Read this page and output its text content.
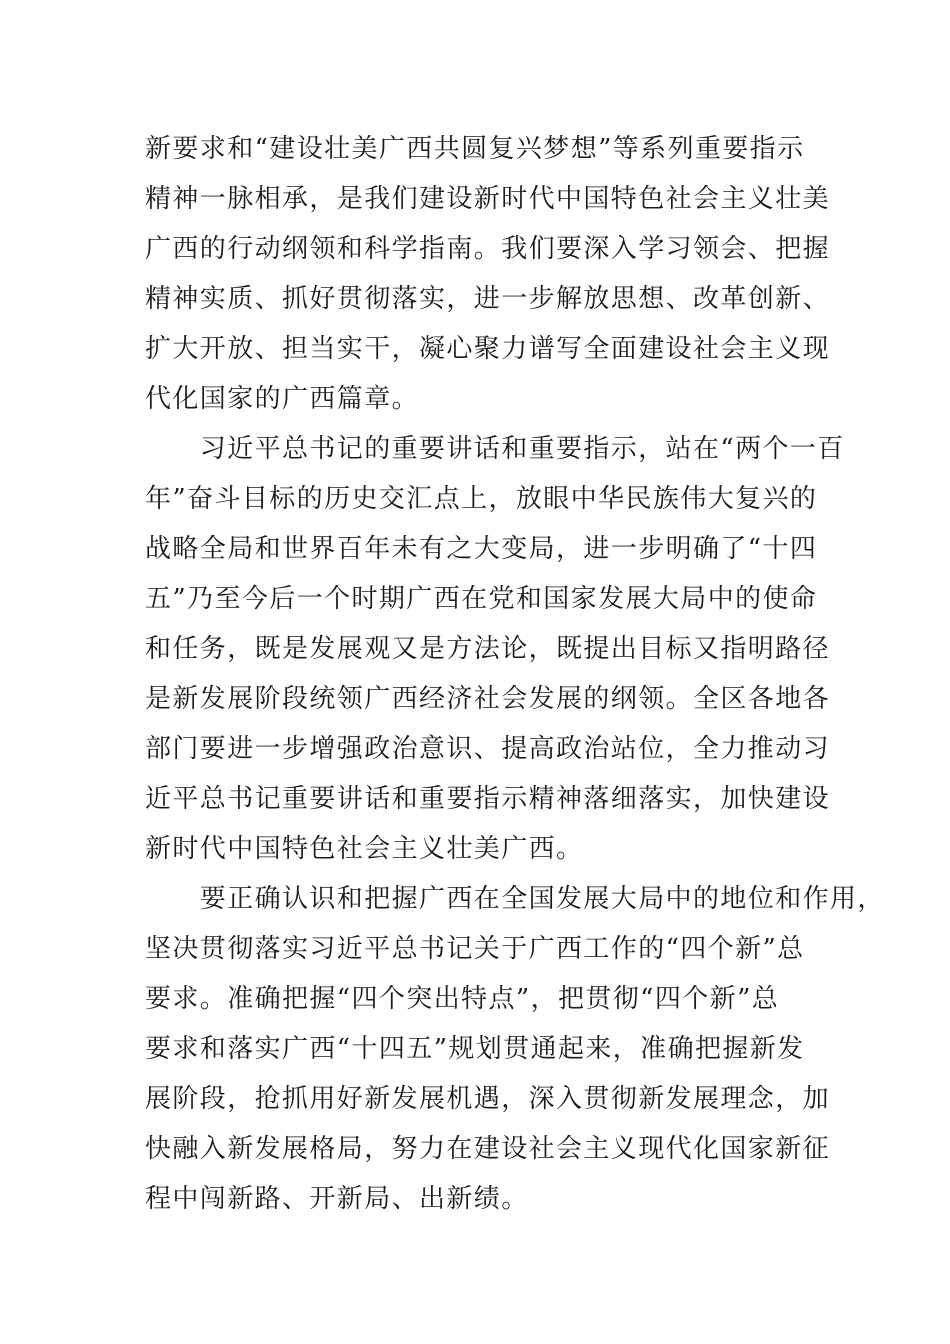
新要求和“建设壮美广西共圆复兴梦想”等系列重要指示
精神一脉相承，是我们建设新时代中国特色社会主义壮美
广西的行动纲领和科学指南。我们要深入学习领会、把握
精神实质、抓好贯彻落实，进一步解放思想、改革创新、
扩大开放、担当实干，凝心聚力谱写全面建设社会主义现
代化国家的广西篇章。
　　习近平总书记的重要讲话和重要指示，站在“两个一百
年”奋斗目标的历史交汇点上，放眼中华民族伟大复兴的
战略全局和世界百年未有之大变局，进一步明确了“十四
五”乃至今后一个时期广西在党和国家发展大局中的使命
和任务，既是发展观又是方法论，既提出目标又指明路径
是新发展阶段统领广西经济社会发展的纲领。全区各地各
部门要进一步增强政治意识、提高政治站位，全力推动习
近平总书记重要讲话和重要指示精神落细落实，加快建设
新时代中国特色社会主义壮美广西。
　　要正确认识和把握广西在全国发展大局中的地位和作用，
坚决贯彻落实习近平总书记关于广西工作的“四个新”总
要求。准确把握“四个突出特点”，把贯彻“四个新”总
要求和落实广西“十四五”规划贯通起来，准确把握新发
展阶段，抢抓用好新发展机遇，深入贯彻新发展理念，加
快融入新发展格局，努力在建设社会主义现代化国家新征
程中闯新路、开新局、出新绩。
